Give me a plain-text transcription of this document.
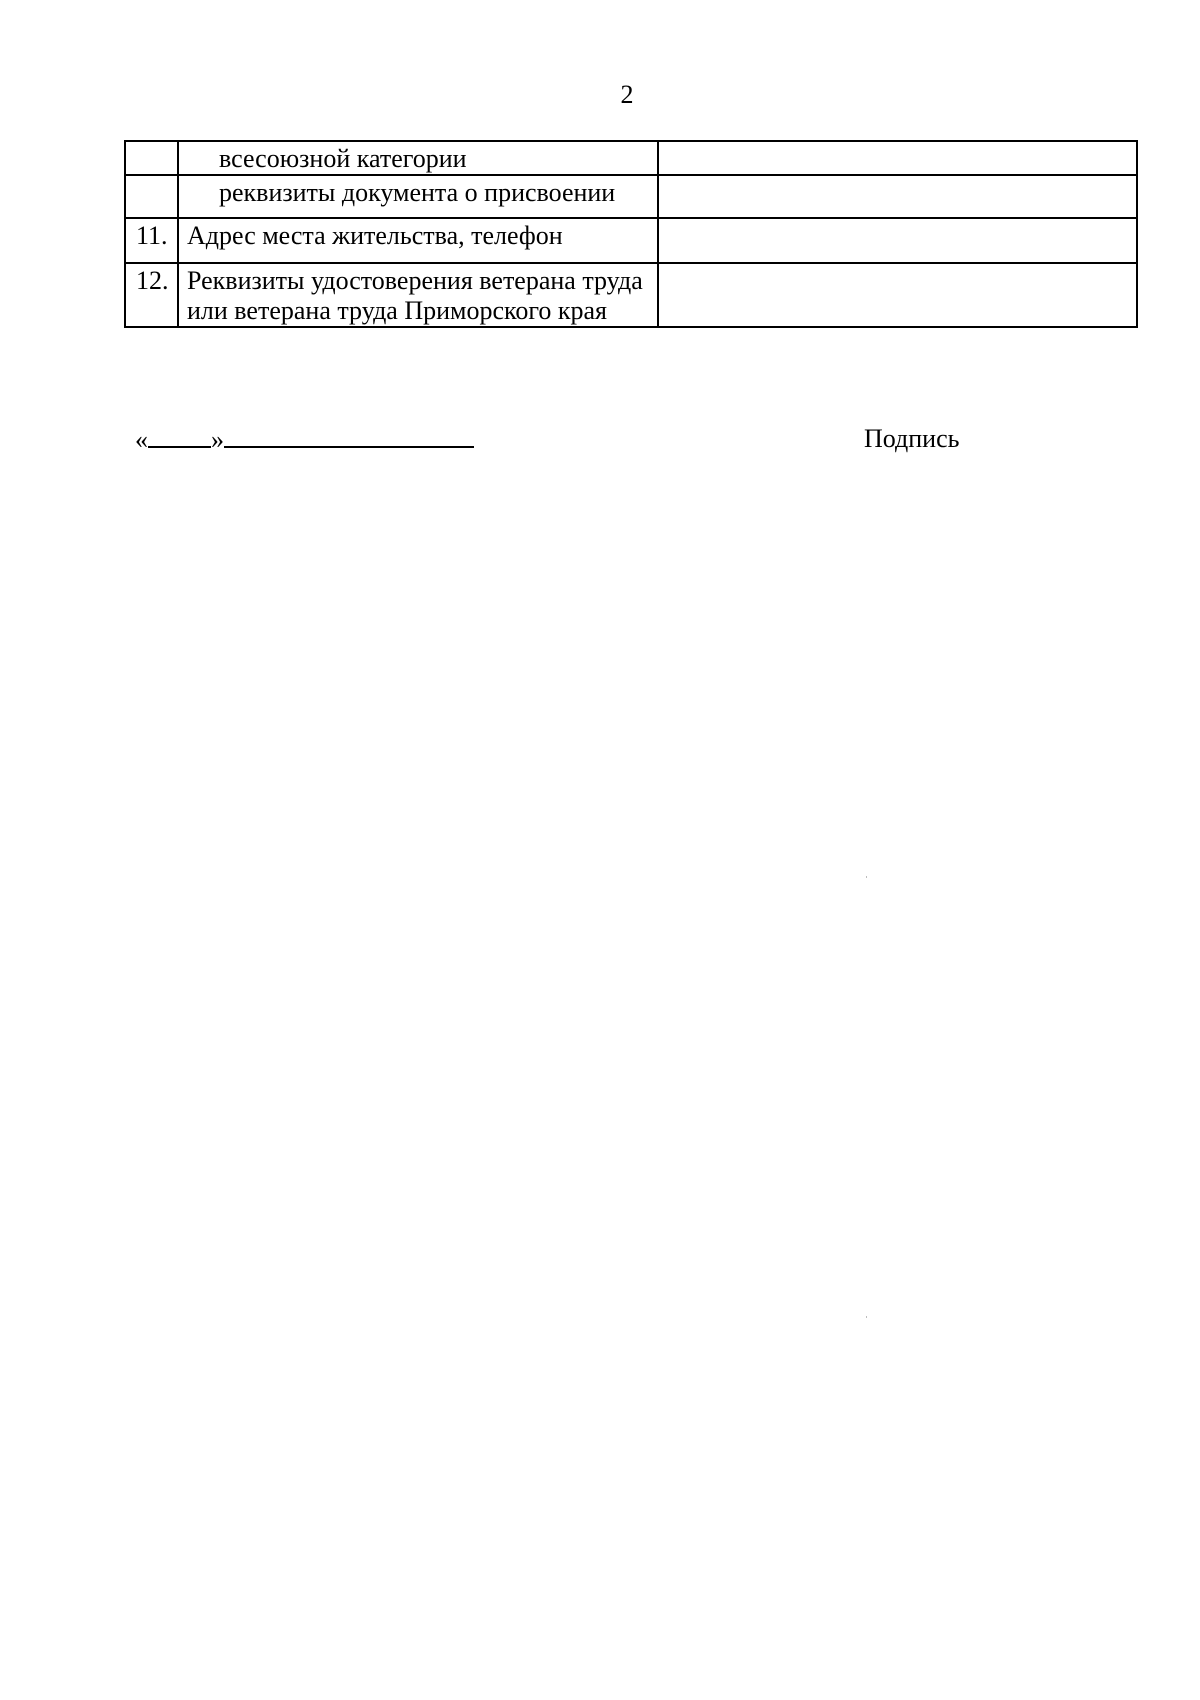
2
	всесоюзной категории	
	реквизиты документа о присвоении	
11.	Адрес места жительства, телефон	
12.	Реквизиты удостоверения ветерана труда или ветерана труда Приморского края	
« »	Подпись
